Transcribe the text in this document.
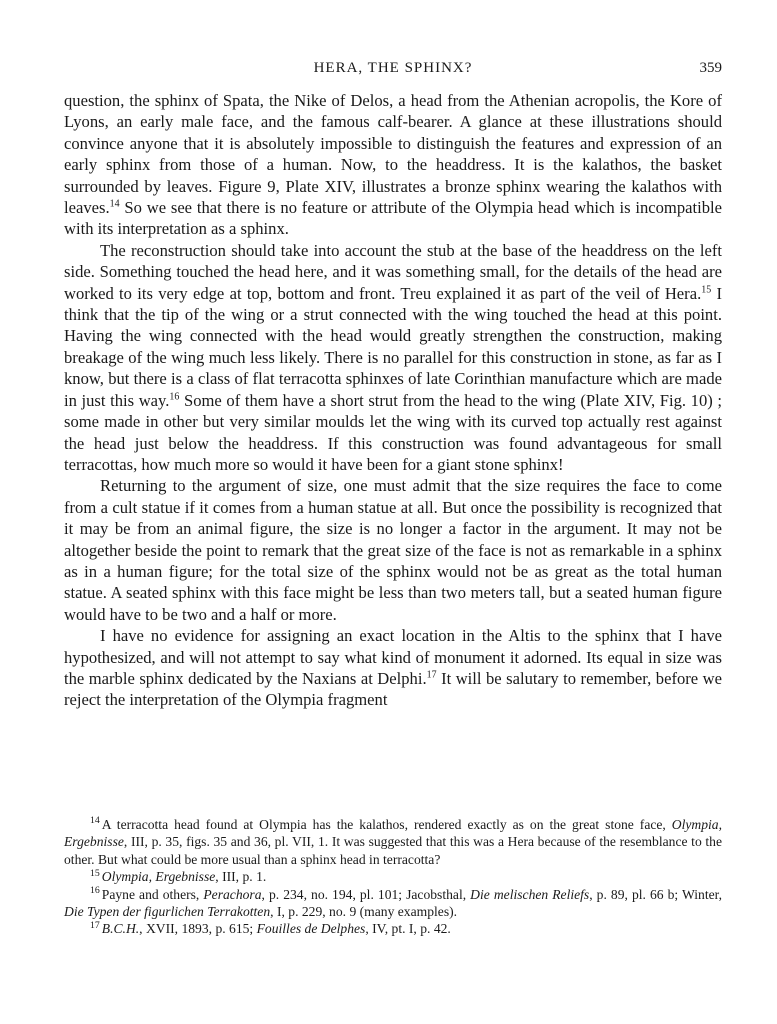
HERA, THE SPHINX?	359

question, the sphinx of Spata, the Nike of Delos, a head from the Athenian acropolis, the Kore of Lyons, an early male face, and the famous calf-bearer. A glance at these illustrations should convince anyone that it is absolutely impossible to distinguish the features and expression of an early sphinx from those of a human. Now, to the headdress. It is the kalathos, the basket surrounded by leaves. Figure 9, Plate XIV, illustrates a bronze sphinx wearing the kalathos with leaves.$^{14}$ So we see that there is no feature or attribute of the Olympia head which is incompatible with its interpretation as a sphinx.

The reconstruction should take into account the stub at the base of the headdress on the left side. Something touched the head here, and it was something small, for the details of the head are worked to its very edge at top, bottom and front. Treu explained it as part of the veil of Hera.$^{15}$ I think that the tip of the wing or a strut connected with the wing touched the head at this point. Having the wing connected with the head would greatly strengthen the construction, making breakage of the wing much less likely. There is no parallel for this construction in stone, as far as I know, but there is a class of flat terracotta sphinxes of late Corinthian manufacture which are made in just this way.$^{16}$ Some of them have a short strut from the head to the wing (Plate XIV, Fig. 10) ; some made in other but very similar moulds let the wing with its curved top actually rest against the head just below the headdress. If this construction was found advantageous for small terracottas, how much more so would it have been for a giant stone sphinx!

Returning to the argument of size, one must admit that the size requires the face to come from a cult statue if it comes from a human statue at all. But once the possibility is recognized that it may be from an animal figure, the size is no longer a factor in the argument. It may not be altogether beside the point to remark that the great size of the face is not as remarkable in a sphinx as in a human figure; for the total size of the sphinx would not be as great as the total human statue. A seated sphinx with this face might be less than two meters tall, but a seated human figure would have to be two and a half or more.

I have no evidence for assigning an exact location in the Altis to the sphinx that I have hypothesized, and will not attempt to say what kind of monument it adorned. Its equal in size was the marble sphinx dedicated by the Naxians at Delphi.$^{17}$ It will be salutary to remember, before we reject the interpretation of the Olympia fragment

$^{14}$ A terracotta head found at Olympia has the kalathos, rendered exactly as on the great stone face, Olympia, Ergebnisse, III, p. 35, figs. 35 and 36, pl. VII, 1. It was suggested that this was a Hera because of the resemblance to the other. But what could be more usual than a sphinx head in terracotta?

$^{15}$ Olympia, Ergebnisse, III, p. 1.

$^{16}$ Payne and others, Perachora, p. 234, no. 194, pl. 101; Jacobsthal, Die melischen Reliefs, p. 89, pl. 66 b; Winter, Die Typen der figurlichen Terrakotten, I, p. 229, no. 9 (many examples).

$^{17}$ B.C.H., XVII, 1893, p. 615; Fouilles de Delphes, IV, pt. I, p. 42.
